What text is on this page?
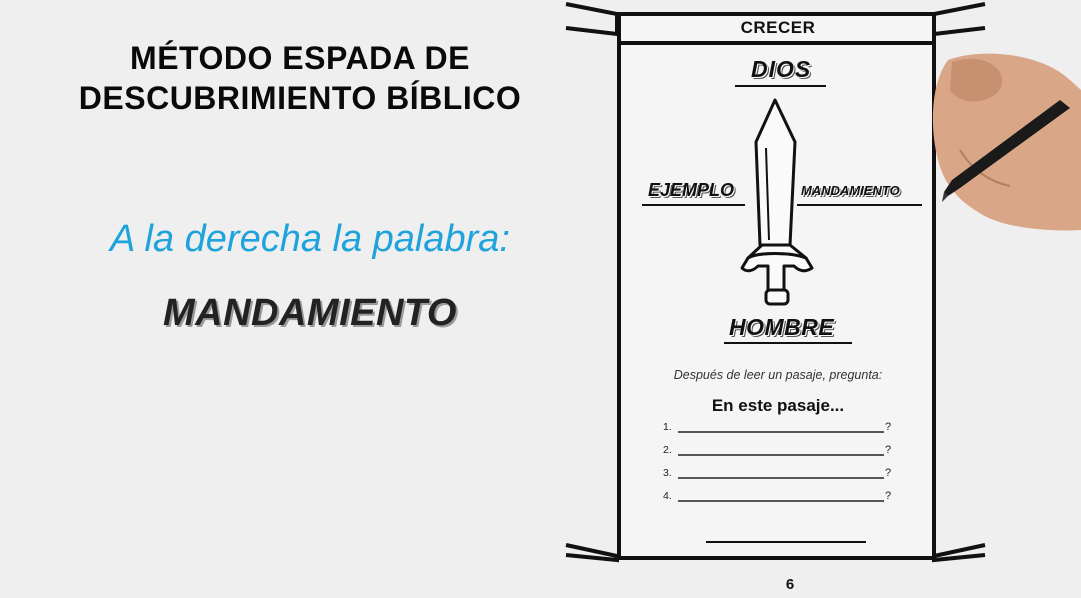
MÉTODO ESPADA DE
DESCUBRIMIENTO BÍBLICO
A la derecha la palabra:
MANDAMIENTO
CRECER
DIOS
EJEMPLO	MANDAMIENTO
HOMBRE
Después de leer un pasaje, pregunta:
En este pasaje...
1.	?
2.	?
3.	?
4.	?
6
